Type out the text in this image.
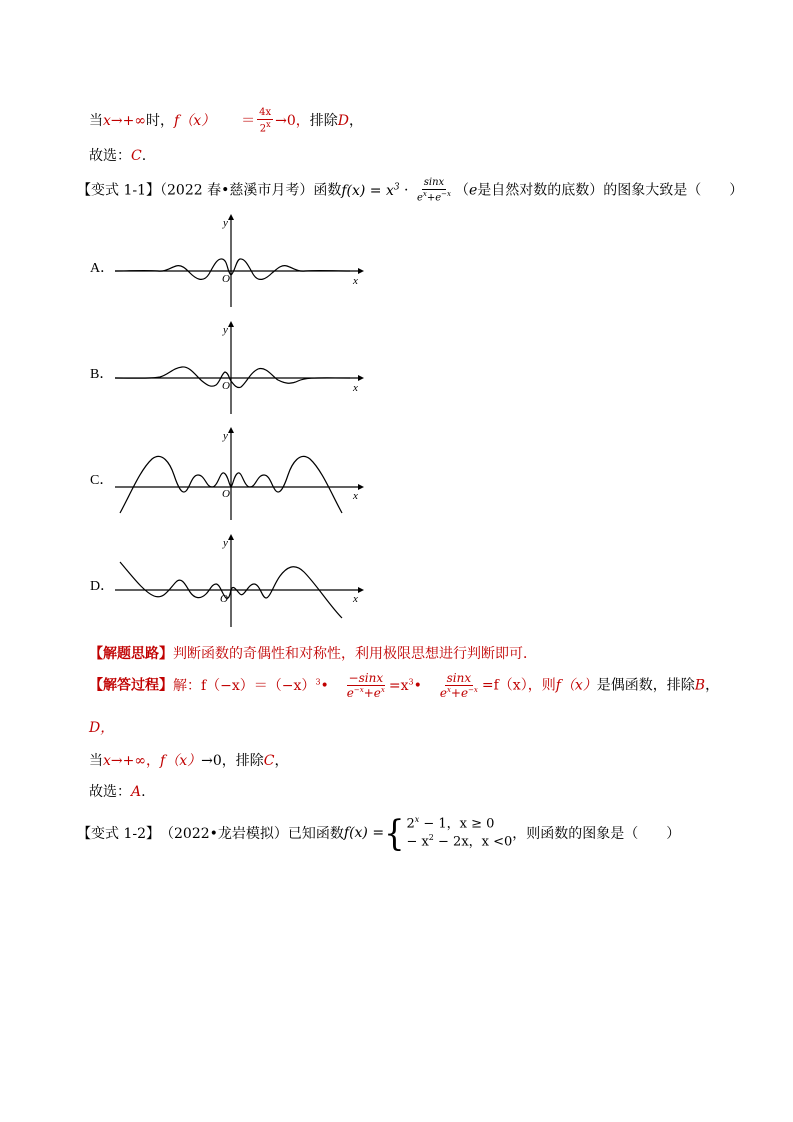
当x→+∞时，$f(x) = \frac{4x}{2^x} \to 0$，排除D，
故选：C.
【变式 1-1】（2022 春•慈溪市月考）函数$f(x) = x^3 \cdot \frac{\sin x}{e^x+e^{-x}} (e$是自然对数的底数）的图象大致是（　　）
A．
y
x
O
B．
y
x
O
C．
y
x
O
D．
y
x
O
【解题思路】判断函数的奇偶性和对称性，利用极限思想进行判断即可．
【解答过程】解：$f(-x)=(-x)^3• \frac{-\sin x}{e^{-x}+e^x}$ $=x^3• \frac{\sin x}{e^x+e^{-x}} =f(x)$，则f（x）是偶函数，排除B，
D，
当x→+∞，f（x）→0，排除C，
故选：A.
【变式 1-2】 （2022•龙岩模拟）已知函数 f(x) = { $2^x - 1$，x ≥ 0
− $x^2 - 2x$，x <0 ，则函数的图象是（　　）
